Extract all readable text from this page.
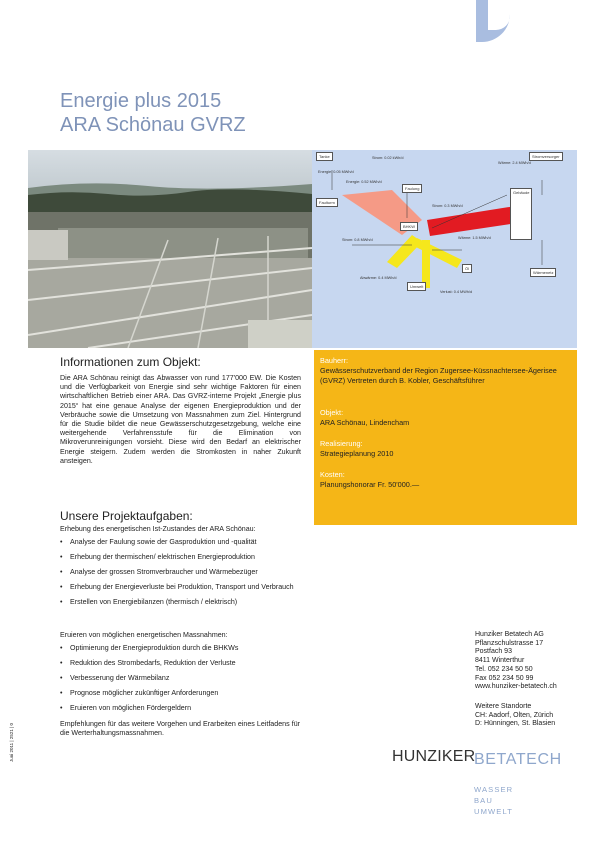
Energie plus 2015
ARA Schönau GVRZ
Tanke
Faulturm
Faulung
Stromversorger
Gebäude
BHKW
Wärmenetz
Öl
Umwelt
Strom: 0.02 kWh/d
Energie: 0.05 MWh/d
Energie: 0.52 MWh/d
Wärme: 2.4 MWh/d
Strom: 0.3 MWh/d
Wärme: 1.5 MWh/d
Strom: 0.8 MWh/d
Abwärme: 0.4 MWh/d
Verlust: 0.4 MWh/d
Informationen zum Objekt:
Die ARA Schönau reinigt das Abwasser von rund 177'000 EW. Die Kosten und die Verfügbarkeit von Energie sind sehr wichtige Faktoren für einen wirtschaftlichen Betrieb einer ARA. Das GVRZ-interne Projekt „Energie plus 2015“ hat eine genaue Analyse der eigenen Energieproduktion und der Verbräuche sowie die Umsetzung von Massnahmen zum Ziel. Hintergrund für die Studie bildet die neue Gewässerschutzgesetzgebung, welche eine weitergehende Verfahrensstufe für die Elimination von Mikroverunreinigungen vorsieht. Diese wird den Bedarf an elektrischer Energie steigern. Zudem werden die Stromkosten in naher Zukunft ansteigen.
Bauherr:
Gewässerschutzverband der Region Zugersee-Küssnachtersee-Ägerisee (GVRZ) Vertreten durch B. Kobler, Geschäftsführer
Objekt:
ARA Schönau, Lindencham
Realisierung:
Strategieplanung 2010
Kosten:
Planungshonorar Fr. 50'000.—
Unsere Projektaufgaben:
Erhebung des energetischen Ist-Zustandes der ARA Schönau:
• Analyse der Faulung sowie der Gasproduktion und -qualität
• Erhebung der thermischen/ elektrischen Energieproduktion
• Analyse der grossen Stromverbraucher und Wärmebezüger
• Erhebung der Energieverluste bei Produktion, Transport und Verbrauch
• Erstellen von Energiebilanzen (thermisch / elektrisch)
Eruieren von möglichen energetischen Massnahmen:
• Optimierung der Energieproduktion durch die BHKWs
• Reduktion des Strombedarfs, Reduktion der Verluste
• Verbesserung der Wärmebilanz
• Prognose möglicher zukünftiger Anforderungen
• Eruieren von möglichen Fördergeldern
Empfehlungen für das weitere Vorgehen und Erarbeiten eines Leitfadens für die Werterhaltungsmassnahmen.
Hunziker Betatech AG
Pflanzschulstrasse 17
Postfach 93
8411 Winterthur
Tel. 052 234 50 50
Fax 052 234 50 99
www.hunziker-betatech.ch
Weitere Standorte
CH: Aadorf, Olten, Zürich
D: Hünningen, St. Blasien
HUNZIKER
BETATECH
WASSER
BAU
UMWELT
Juni 2011 | 2521 | 0
